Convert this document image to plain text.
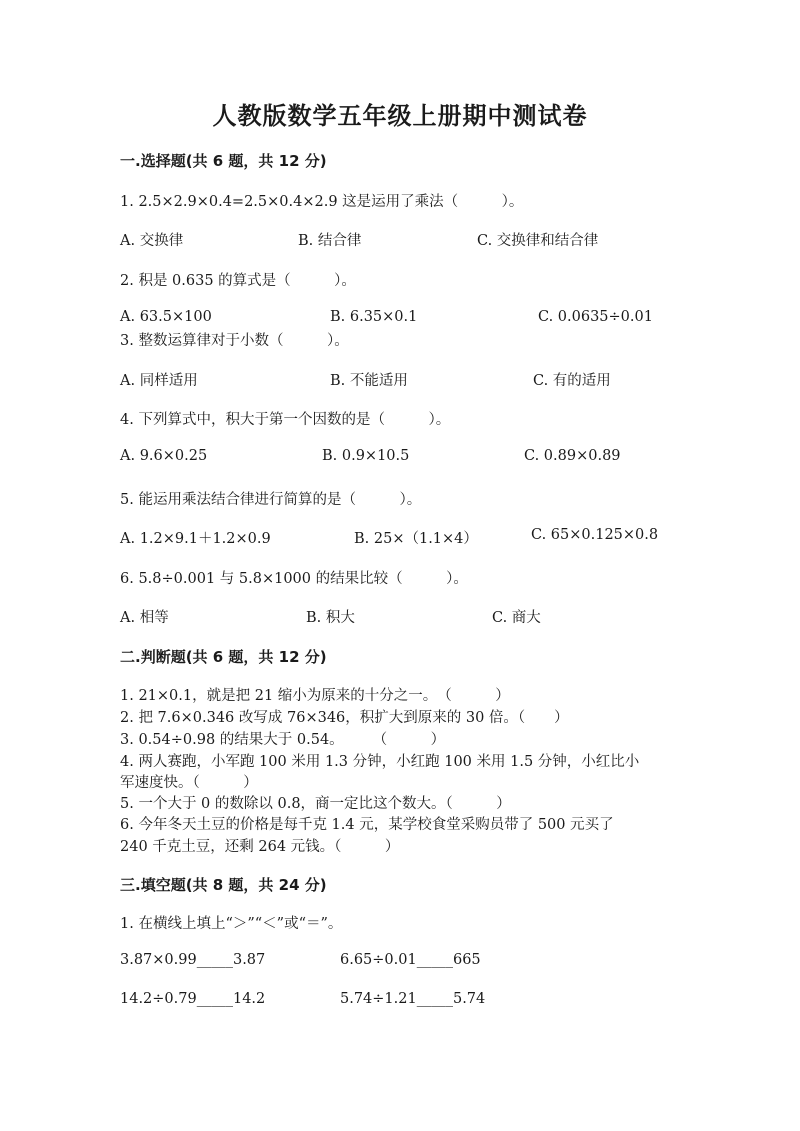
人教版数学五年级上册期中测试卷
一.选择题(共 6 题，共 12 分)
1. 2.5×2.9×0.4=2.5×0.4×2.9 这是运用了乘法（　　　）。
A. 交换律	B. 结合律	C. 交换律和结合律
2. 积是 0.635 的算式是（　　　）。
A. 63.5×100	B. 6.35×0.1	C. 0.0635÷0.01
3. 整数运算律对于小数（　　　）。
A. 同样适用	B. 不能适用	C. 有的适用
4. 下列算式中，积大于第一个因数的是（　　　）。
A. 9.6×0.25	B. 0.9×10.5	C. 0.89×0.89
5. 能运用乘法结合律进行简算的是（　　　）。
A. 1.2×9.1＋1.2×0.9	B. 25×（1.1×4）	C. 65×0.125×0.8
6. 5.8÷0.001 与 5.8×1000 的结果比较（　　　）。
A. 相等	B. 积大	C. 商大
二.判断题(共 6 题，共 12 分)
1. 21×0.1，就是把 21 缩小为原来的十分之一。　（　　　）
2. 把 7.6×0.346 改写成 76×346，积扩大到原来的 30 倍。（　　）
3. 0.54÷0.98 的结果大于 0.54。　　　（　　　）
4. 两人赛跑，小军跑 100 米用 1.3 分钟，小红跑 100 米用 1.5 分钟，小红比小
军速度快。（　　　）
5. 一个大于 0 的数除以 0.8，商一定比这个数大。（　　　）
6. 今年冬天土豆的价格是每千克 1.4 元，某学校食堂采购员带了 500 元买了
240 千克土豆，还剩 264 元钱。（　　　）
三.填空题(共 8 题，共 24 分)
1. 在横线上填上“＞”“＜”或“＝”。
3.87×0.99_____3.87	6.65÷0.01_____665
14.2÷0.79_____14.2	5.74÷1.21_____5.74
